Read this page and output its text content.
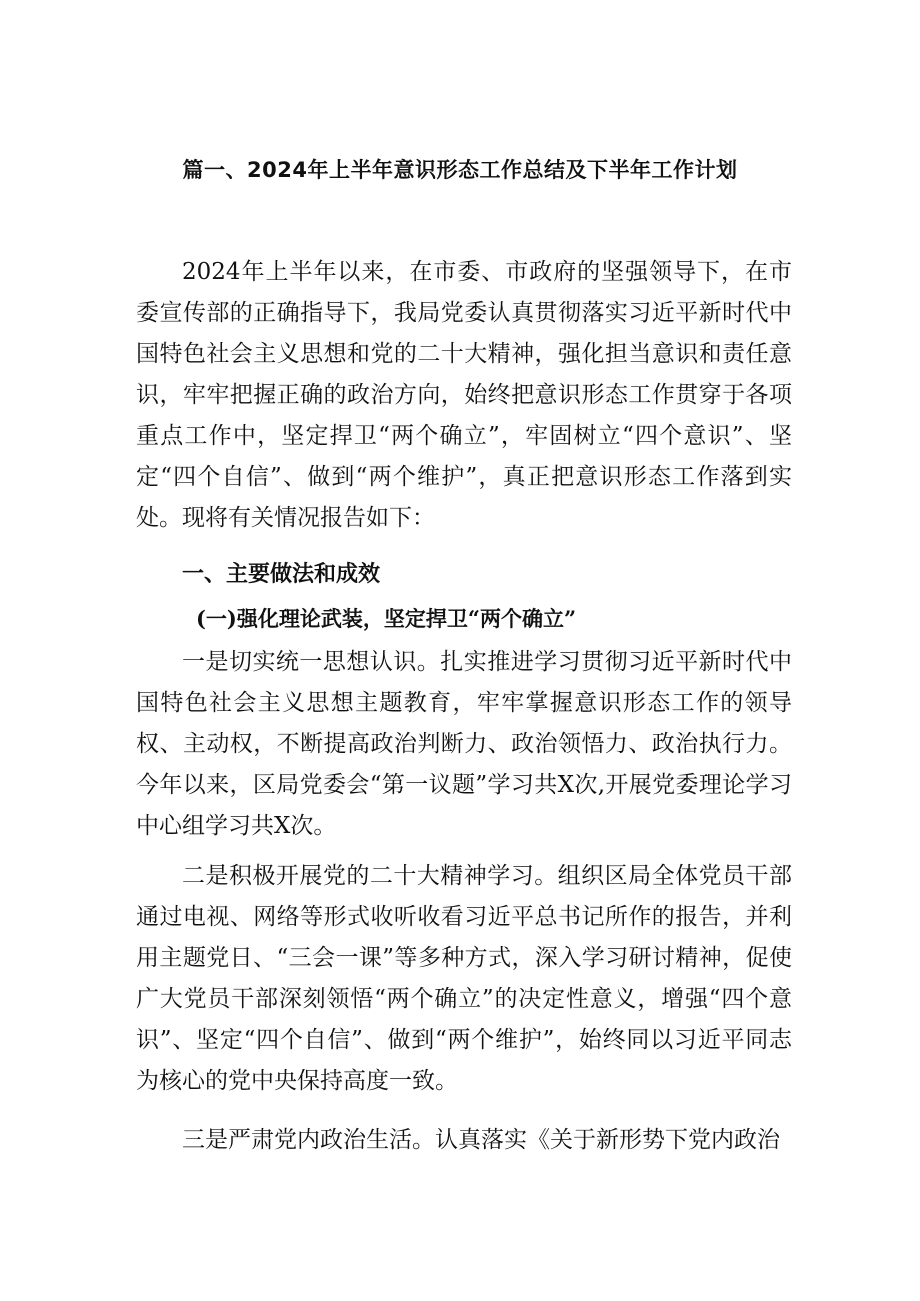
篇一、2024年上半年意识形态工作总结及下半年工作计划

2024年上半年以来，在市委、市政府的坚强领导下，在市委宣传部的正确指导下，我局党委认真贯彻落实习近平新时代中国特色社会主义思想和党的二十大精神，强化担当意识和责任意识，牢牢把握正确的政治方向，始终把意识形态工作贯穿于各项重点工作中，坚定捍卫“两个确立”，牢固树立“四个意识”、坚定“四个自信”、做到“两个维护”，真正把意识形态工作落到实处。现将有关情况报告如下：

一、主要做法和成效
(一)强化理论武装，坚定捍卫“两个确立”

一是切实统一思想认识。扎实推进学习贯彻习近平新时代中国特色社会主义思想主题教育，牢牢掌握意识形态工作的领导权、主动权，不断提高政治判断力、政治领悟力、政治执行力。今年以来，区局党委会“第一议题”学习共X次,开展党委理论学习中心组学习共X次。

二是积极开展党的二十大精神学习。组织区局全体党员干部通过电视、网络等形式收听收看习近平总书记所作的报告，并利用主题党日、“三会一课”等多种方式，深入学习研讨精神，促使广大党员干部深刻领悟“两个确立”的决定性意义，增强“四个意识”、坚定“四个自信”、做到“两个维护”，始终同以习近平同志为核心的党中央保持高度一致。

三是严肃党内政治生活。认真落实《关于新形势下党内政治
